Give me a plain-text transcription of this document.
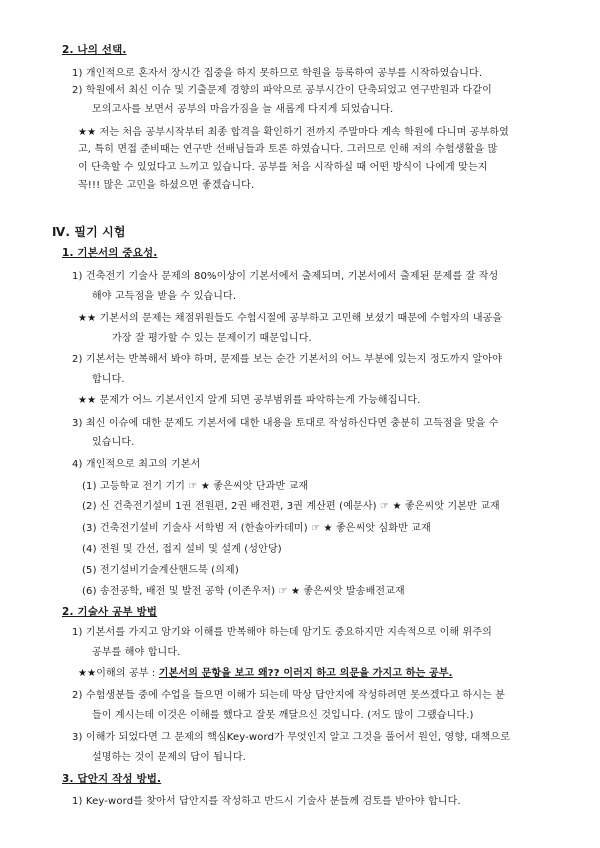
2. 나의 선택.
1) 개인적으로 혼자서 장시간 집중을 하지 못하므로 학원을 등록하여 공부를 시작하였습니다.
2) 학원에서 최신 이슈 및 기출문제 경향의 파악으로 공부시간이 단축되었고 연구반원과 다같이
모의고사를 보면서 공부의 마음가짐을 늘 새롭게 다지게 되었습니다.
★★ 저는 처음 공부시작부터 최종 합격을 확인하기 전까지 주말마다 계속 학원에 다니며 공부하였
고, 특히 면접 준비때는 연구반 선배님들과 토론 하였습니다. 그러므로 인해 저의 수험생활을 많
이 단축할 수 있었다고 느끼고 있습니다. 공부를 처음 시작하실 때 어떤 방식이 나에게 맞는지
꼭!!! 많은 고민을 하셨으면 좋겠습니다.
Ⅳ. 필기 시험
1. 기본서의 중요성.
1) 건축전기 기술사 문제의 80%이상이 기본서에서 출제되며, 기본서에서 출제된 문제를 잘 작성
해야 고득점을 받을 수 있습니다.
★★ 기본서의 문제는 채점위원들도 수험시절에 공부하고 고민해 보셨기 때문에 수험자의 내공을
가장 잘 평가할 수 있는 문제이기 때문입니다.
2) 기본서는 반복해서 봐야 하며, 문제를 보는 순간 기본서의 어느 부분에 있는지 정도까지 알아야
합니다.
★★ 문제가 어느 기본서인지 알게 되면 공부범위를 파악하는게 가능해집니다.
3) 최신 이슈에 대한 문제도 기본서에 대한 내용을 토대로 작성하신다면 충분히 고득점을 맞을 수
있습니다.
4) 개인적으로 최고의 기본서
(1) 고등학교 전기 기기 ☞ ★ 좋은씨앗 단과반 교재
(2) 신 건축전기설비 1권 전원편, 2권 배전편, 3권 계산편 (예문사) ☞ ★ 좋은씨앗 기본반 교재
(3) 건축전기설비 기술사 서학범 저 (한솔아카데미) ☞ ★ 좋은씨앗 심화반 교재
(4) 전원 및 간선, 접지 설비 및 설계 (성안당)
(5) 전기설비기술계산핸드북 (의제)
(6) 송전공학, 배전 및 발전 공학 (이존우저) ☞ ★ 좋은씨앗 발송배전교재
2. 기술사 공부 방법
1) 기본서를 가지고 암기와 이해를 반복해야 하는데 암기도 중요하지만 지속적으로 이해 위주의
공부를 해야 합니다.
★★이해의 공부 : 기본서의 문항을 보고 왜?? 이러지 하고 의문을 가지고 하는 공부.
2) 수험생분들 중에 수업을 들으면 이해가 되는데 막상 답안지에 작성하려면 못쓰겠다고 하시는 분
들이 계시는데 이것은 이해를 했다고 잘못 깨달으신 것입니다. (저도 많이 그랬습니다.)
3) 이해가 되었다면 그 문제의 핵심Key-word가 무엇인지 알고 그것을 풀어서 원인, 영향, 대책으로
설명하는 것이 문제의 답이 됩니다.
3. 답안지 작성 방법.
1) Key-word를 찾아서 답안지를 작성하고 반드시 기술사 분들께 검토를 받아야 합니다.
